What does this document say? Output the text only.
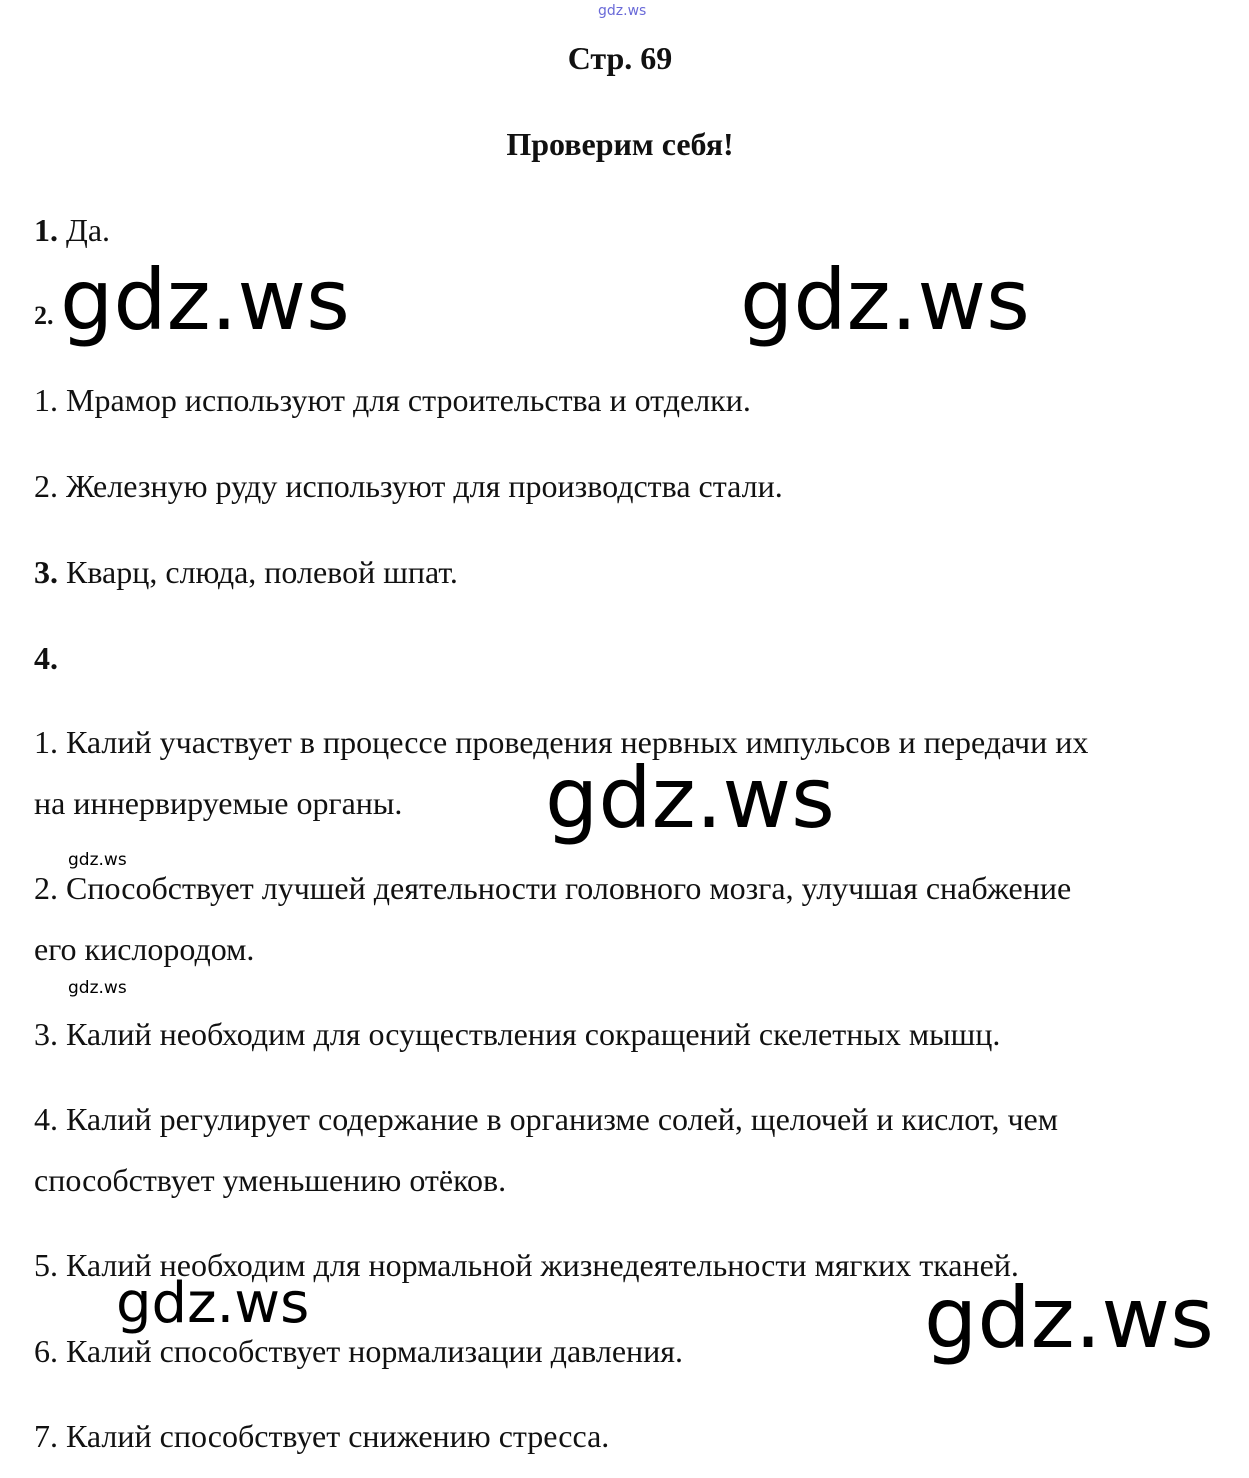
gdz.ws
Стр. 69
Проверим себя!
1. Да.
2.
1. Мрамор используют для строительства и отделки.
2. Железную руду используют для производства стали.
3. Кварц, слюда, полевой шпат.
4.
1. Калий участвует в процессе проведения нервных импульсов и передачи их
на иннервируемые органы.
2. Способствует лучшей деятельности головного мозга, улучшая снабжение
его кислородом.
3. Калий необходим для осуществления сокращений скелетных мышц.
4. Калий регулирует содержание в организме солей, щелочей и кислот, чем
способствует уменьшению отёков.
5. Калий необходим для нормальной жизнедеятельности мягких тканей.
6. Калий способствует нормализации давления.
7. Калий способствует снижению стресса.
gdz.ws	gdz.ws
gdz.ws
gdz.ws
gdz.ws
gdz.ws	gdz.ws
